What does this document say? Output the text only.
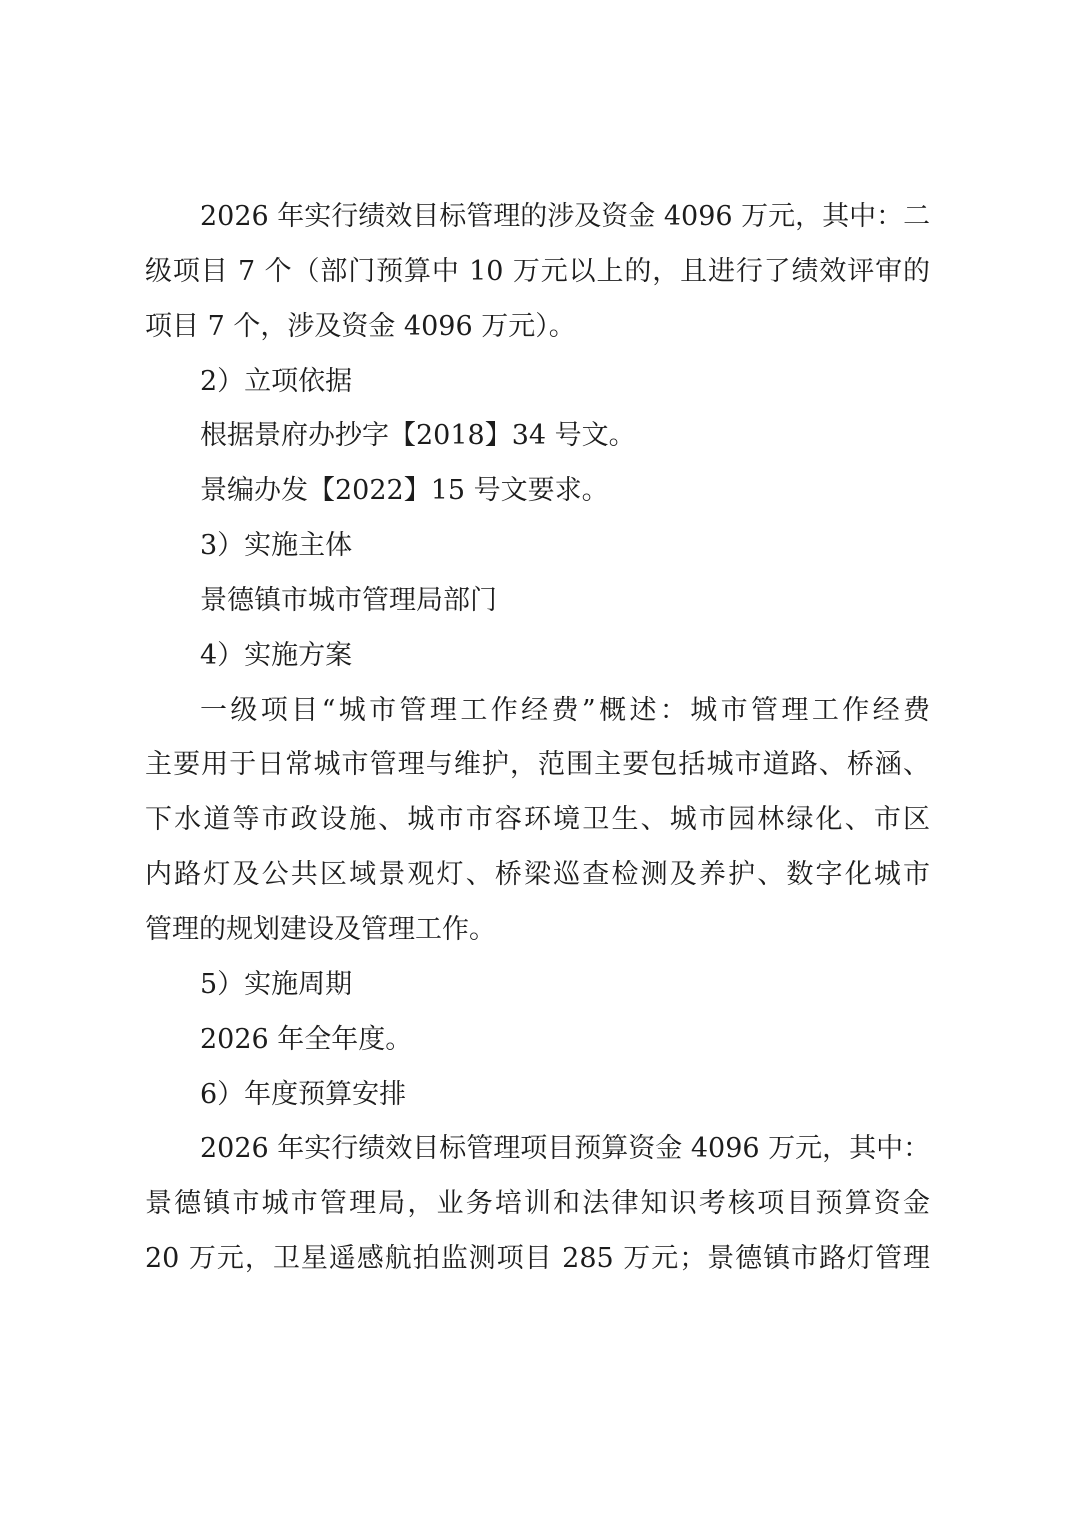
2026 年实行绩效目标管理的涉及资金 4096 万元，其中：二
级项目 7 个（部门预算中 10 万元以上的，且进行了绩效评审的
项目 7 个，涉及资金 4096 万元）。

2）立项依据

根据景府办抄字【2018】34 号文。

景编办发【2022】15 号文要求。

3）实施主体

景德镇市城市管理局部门

4）实施方案

一级项目“城市管理工作经费”概述：城市管理工作经费
主要用于日常城市管理与维护，范围主要包括城市道路、桥涵、
下水道等市政设施、城市市容环境卫生、城市园林绿化、市区
内路灯及公共区域景观灯、桥梁巡查检测及养护、数字化城市
管理的规划建设及管理工作。

5）实施周期

2026 年全年度。

6）年度预算安排

2026 年实行绩效目标管理项目预算资金 4096 万元，其中：
景德镇市城市管理局，业务培训和法律知识考核项目预算资金
20 万元，卫星遥感航拍监测项目 285 万元；景德镇市路灯管理
